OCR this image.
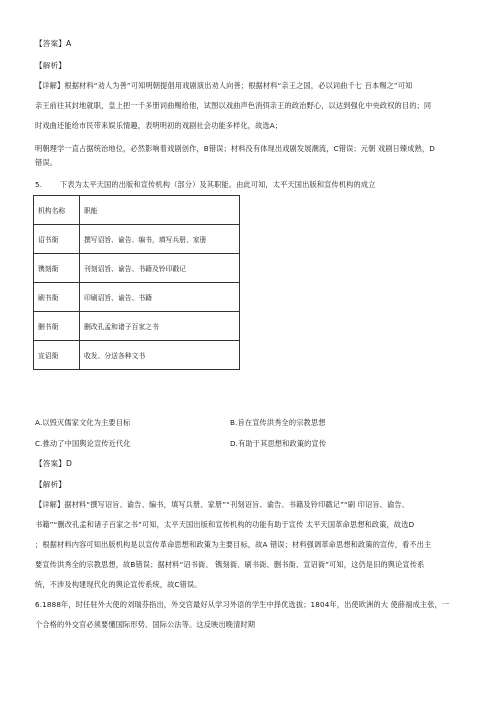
【答案】A
【解析】
【详解】根据材料“劝人为善”可知明朝提倡用戏剧演出劝人向善；根据材料“亲王之国，必以词曲千七 百本赐之”可知
亲王前往其封地就职，皇上把一千多册词曲赐给他，试图以戏曲声色消弭亲王的政治野心，以达到强化中央政权的目的；同
时戏曲还能给市民带来娱乐情趣，表明明初的戏剧社会功能多样化，故选A；
明朝理学一直占据统治地位，必然影响着戏剧创作，B错误；材料没有体现出戏剧发展潮流，C错误；元朝 戏剧日臻成熟，D
错误。
5. 下表为太平天国的出版和宣传机构（部分）及其职能。由此可知，太平天国出版和宣传机构的成立
机构名称	职能
诏书衙	撰写诏旨、谕告、编书，填写兵册、家册
镌刻衙	刊刻诏旨、谕告、书籍及铃印戳记
刷书衙	印刷诏旨、谕告、书籍
删书衙	删改孔孟和诸子百家之书
宣诏衙	收发、分送各种文书
A.以毁灭儒家文化为主要目标	B.旨在宣传洪秀全的宗教思想
C.推动了中国舆论宣传近代化	D.有助于其思想和政策的宣传
【答案】D
【解析】
【详解】据材料“撰写诏旨、谕告、编书，填写兵册、家册”“刊刻诏旨、谕告、书籍及铃印戳记”“刷 印诏旨、谕告、
书籍”“删改孔孟和诸子百家之书”可知，太平天国出版和宣传机构的功能有助于宣传 太平天国革命思想和政策，故选D
；根据材料内容可知出版机构是以宣传革命思想和政策为主要目标，故A 错误；材料强调革命思想和政策的宣传，看不出主
要宣传洪秀全的宗教思想，故B错误；据材料“诏书衙、 镌刻衙、刷书衙、删书衙、宣诏衙”可知，这仍是旧的舆论宣传系
统，不涉及构建现代化的舆论宣传系统，故C错误。
6.1888年，时任驻外大使的刘瑞芬指出，外交官最好从学习外语的学生中择优选拔；1804年，出使欧洲的大 使薛福成主张，一
个合格的外交官必须要懂国际形势、国际公法等。这反映出晚清时期
